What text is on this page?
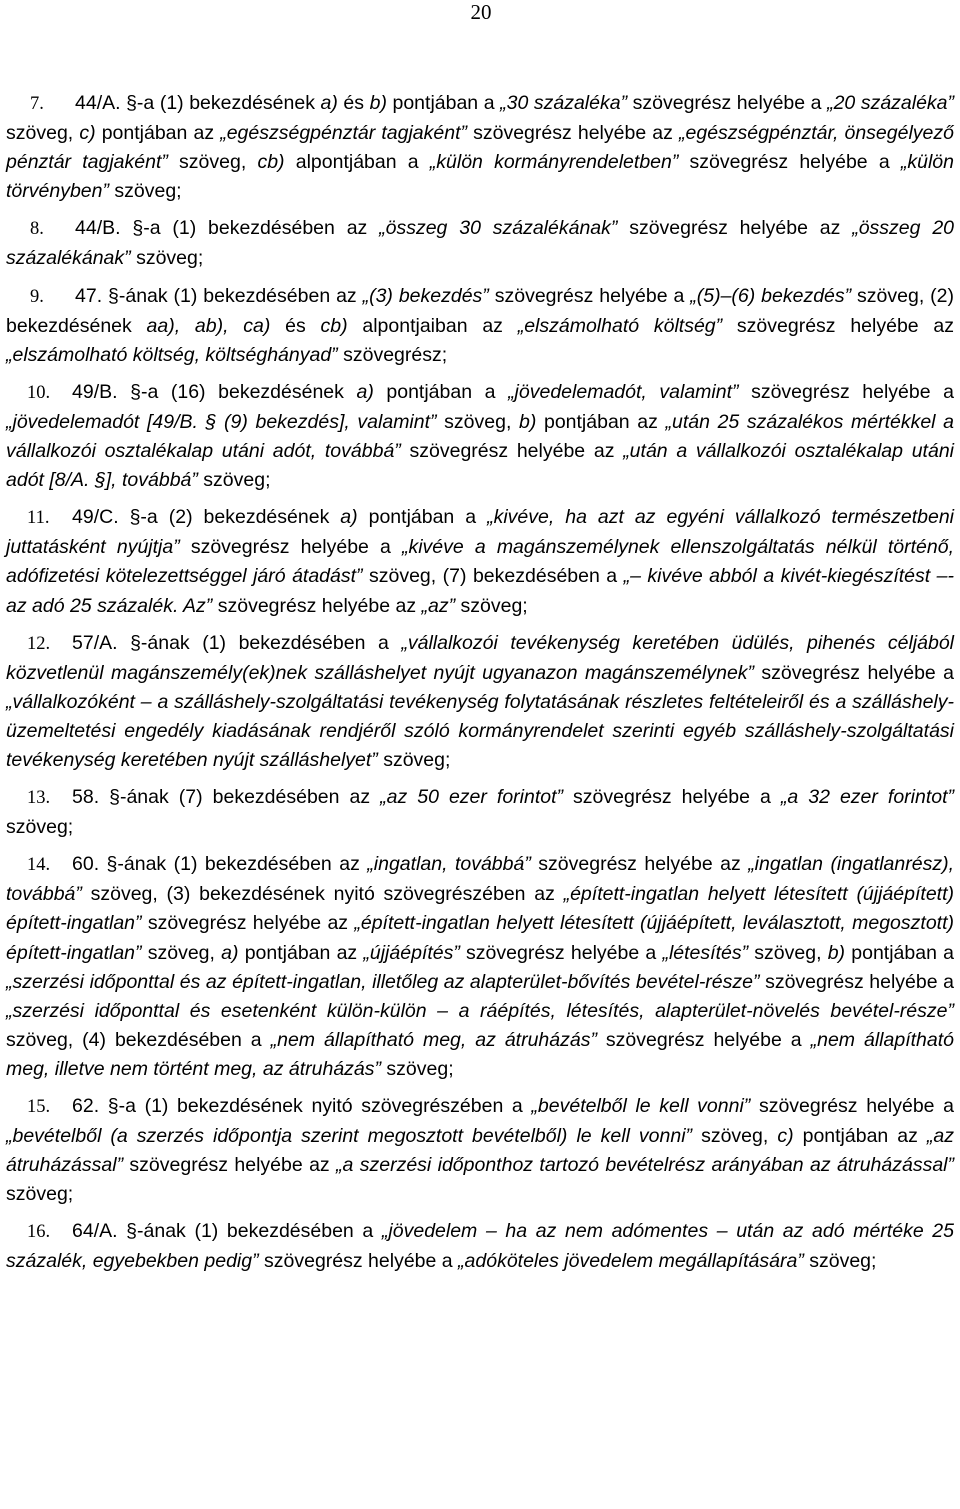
20

7. 44/A. §-a (1) bekezdésének a) és b) pontjában a „30 százaléka” szövegrész helyébe a „20 százaléka” szöveg, c) pontjában az „egészségpénztár tagjaként” szövegrész helyébe az „egészségpénztár, önsegélyező pénztár tagjaként” szöveg, cb) alpontjában a „külön kormányrendeletben” szövegrész helyébe a „külön törvényben” szöveg;

8. 44/B. §-a (1) bekezdésében az „összeg 30 százalékának” szövegrész helyébe az „összeg 20 százalékának” szöveg;

9. 47. §-ának (1) bekezdésében az „(3) bekezdés” szövegrész helyébe a „(5)–(6) bekezdés” szöveg, (2) bekezdésének aa), ab), ca) és cb) alpontjaiban az „elszámolható költség” szövegrész helyébe az „elszámolható költség, költséghányad” szövegrész;

10. 49/B. §-a (16) bekezdésének a) pontjában a „jövedelemadót, valamint” szövegrész helyébe a „jövedelemadót [49/B. § (9) bekezdés], valamint” szöveg, b) pontjában az „után 25 százalékos mértékkel a vállalkozói osztalékalap utáni adót, továbbá” szövegrész helyébe az „után a vállalkozói osztalékalap utáni adót [8/A. §], továbbá” szöveg;

11. 49/C. §-a (2) bekezdésének a) pontjában a „kivéve, ha azt az egyéni vállalkozó természetbeni juttatásként nyújtja” szövegrész helyébe a „kivéve a magánszemélynek ellenszolgáltatás nélkül történő, adófizetési kötelezettséggel járó átadást” szöveg, (7) bekezdésében a „– kivéve abból a kivét-kiegészítést –- az adó 25 százalék. Az” szövegrész helyébe az „az” szöveg;

12. 57/A. §-ának (1) bekezdésében a „vállalkozói tevékenység keretében üdülés, pihenés céljából közvetlenül magánszemély(ek)nek szálláshelyet nyújt ugyanazon magánszemélynek” szövegrész helyébe a „vállalkozóként – a szálláshely-szolgáltatási tevékenység folytatásának részletes feltételeiről és a szálláshely-üzemeltetési engedély kiadásának rendjéről szóló kormányrendelet szerinti egyéb szálláshely-szolgáltatási tevékenység keretében nyújt szálláshelyet” szöveg;

13. 58. §-ának (7) bekezdésében az „az 50 ezer forintot” szövegrész helyébe a „a 32 ezer forintot” szöveg;

14. 60. §-ának (1) bekezdésében az „ingatlan, továbbá” szövegrész helyébe az „ingatlan (ingatlanrész), továbbá” szöveg, (3) bekezdésének nyitó szövegrészében az „épített-ingatlan helyett létesített (újjáépített) épített-ingatlan” szövegrész helyébe az „épített-ingatlan helyett létesített (újjáépített, leválasztott, megosztott) épített-ingatlan” szöveg, a) pontjában az „újjáépítés” szövegrész helyébe a „létesítés” szöveg, b) pontjában a „szerzési időponttal és az épített-ingatlan, illetőleg az alapterület-bővítés bevétel-része” szövegrész helyébe a „szerzési időponttal és esetenként külön-külön – a ráépítés, létesítés, alapterület-növelés bevétel-része” szöveg, (4) bekezdésében a „nem állapítható meg, az átruházás” szövegrész helyébe a „nem állapítható meg, illetve nem történt meg, az átruházás” szöveg;

15. 62. §-a (1) bekezdésének nyitó szövegrészében a „bevételből le kell vonni” szövegrész helyébe a „bevételből (a szerzés időpontja szerint megosztott bevételből) le kell vonni” szöveg, c) pontjában az „az átruházással” szövegrész helyébe az „a szerzési időponthoz tartozó bevételrész arányában az átruházással” szöveg;

16. 64/A. §-ának (1) bekezdésében a „jövedelem – ha az nem adómentes – után az adó mértéke 25 százalék, egyebekben pedig” szövegrész helyébe a „adóköteles jövedelem megállapítására” szöveg;
